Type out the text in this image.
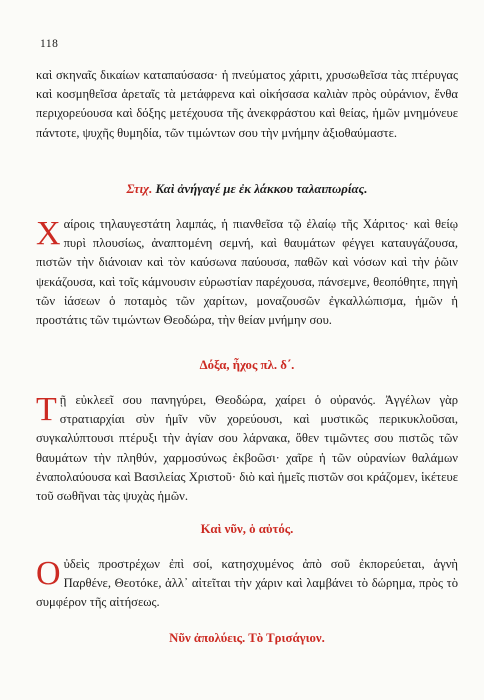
118

καὶ σκηναῖς δικαίων καταπαύσασα· ἡ πνεύματος χάριτι, χρυσωθεῖσα τὰς πτέρυγας καὶ κοσμηθεῖσα ἀρεταῖς τὰ μετάφρενα καὶ οἰκήσασα καλιὰν πρὸς οὐράνιον, ἔνθα περιχορεύουσα καὶ δόξης μετέχουσα τῆς ἀνεκφράστου καὶ θείας, ἡμῶν μνημόνευε πάντοτε, ψυχῆς θυμηδία, τῶν τιμώντων σου τὴν μνήμην ἀξιοθαύμαστε.

Στιχ. Καὶ ἀνήγαγέ με ἐκ λάκκου ταλαιπωρίας.

Χαίροις τηλαυγεστάτη λαμπάς, ἡ πιανθεῖσα τῷ ἐλαίῳ τῆς Χάριτος· καὶ θείῳ πυρὶ πλουσίως, ἀναπτομένη σεμνή, καὶ θαυμάτων φέγγει καταυγάζουσα, πιστῶν τὴν διάνοιαν καὶ τὸν καύσωνα παύουσα, παθῶν καὶ νόσων καὶ τὴν ῥῶιν ψεκάζουσα, καὶ τοῖς κάμνουσιν εὐρωστίαν παρέχουσα, πάνσεμνε, θεοπόθητε, πηγὴ τῶν ἰάσεων ὁ ποταμὸς τῶν χαρίτων, μοναζουσῶν ἐγκαλλώπισμα, ἡμῶν ἡ προστάτις τῶν τιμώντων Θεοδώρα, τὴν θείαν μνήμην σου.

Δόξα, ἦχος πλ. δ΄.

Τῇ εὐκλεεῖ σου πανηγύρει, Θεοδώρα, χαίρει ὁ οὐρανός. Ἀγγέλων γὰρ στρατιαρχίαι σὺν ἡμῖν νῦν χορεύουσι, καὶ μυστικῶς περικυκλοῦσαι, συγκαλύπτουσι πτέρυξι τὴν ἁγίαν σου λάρνακα, ὅθεν τιμῶντες σου πιστῶς τῶν θαυμάτων τὴν πληθύν, χαρμοσύνως ἐκβοῶσι· χαῖρε ἡ τῶν οὐρανίων θαλάμων ἐναπολαύουσα καὶ Βασιλείας Χριστοῦ· διὸ καὶ ἡμεῖς πιστῶν σοι κράζομεν, ἱκέτευε τοῦ σωθῆναι τὰς ψυχὰς ἡμῶν.

Καὶ νῦν, ὁ αὐτός.

Οὐδεὶς προστρέχων ἐπὶ σοί, κατησχυμένος ἀπὸ σοῦ ἐκπορεύεται, ἁγνὴ Παρθένε, Θεοτόκε, ἀλλ᾽ αἰτεῖται τὴν χάριν καὶ λαμβάνει τὸ δώρημα, πρὸς τὸ συμφέρον τῆς αἰτήσεως.

Νῦν ἀπολύεις. Τὸ Τρισάγιον.
